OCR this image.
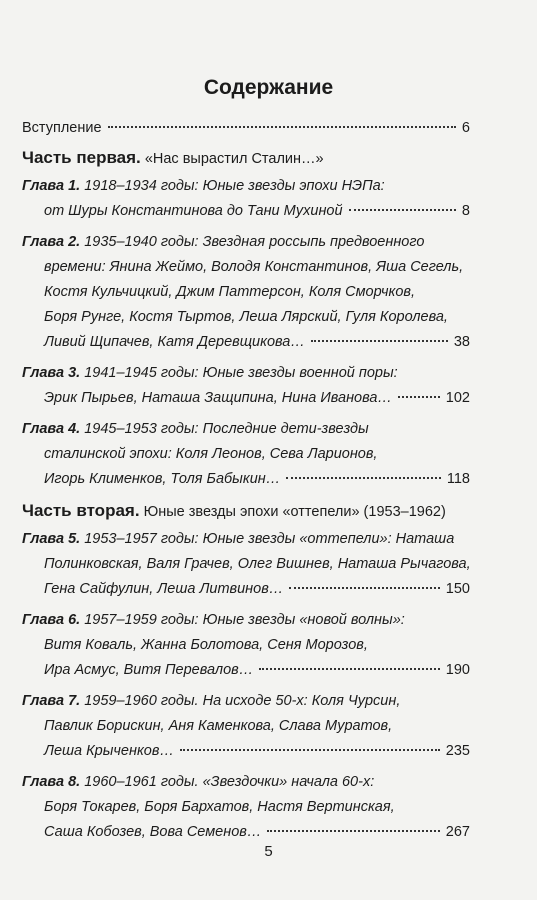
Содержание
Вступление	6
Часть первая. «Нас вырастил Сталин…»
Глава 1.
1918–1934 годы: Юные звезды эпохи НЭПа:
от Шуры Константинова до Тани Мухиной	8
Глава 2.
1935–1940 годы: Звездная россыпь предвоенного
времени: Янина Жеймо, Володя Константинов, Яша Сегель,
Костя Кульчицкий, Джим Паттерсон, Коля Сморчков,
Боря Рунге, Костя Тыртов, Леша Лярский, Гуля Королева,
Ливий Щипачев, Катя Деревщикова…	38
Глава 3.
1941–1945 годы: Юные звезды военной поры:
Эрик Пырьев, Наташа Защипина, Нина Иванова…	102
Глава 4.
1945–1953 годы: Последние дети-звезды
сталинской эпохи: Коля Леонов, Сева Ларионов,
Игорь Клименков, Толя Бабыкин…	118
Часть вторая. Юные звезды эпохи «оттепели» (1953–1962)
Глава 5.
1953–1957 годы: Юные звезды «оттепели»: Наташа
Полинковская, Валя Грачев, Олег Вишнев, Наташа Рычагова,
Гена Сайфулин, Леша Литвинов…	150
Глава 6.
1957–1959 годы: Юные звезды «новой волны»:
Витя Коваль, Жанна Болотова, Сеня Морозов,
Ира Асмус, Витя Перевалов…	190
Глава 7.
1959–1960 годы. На исходе 50-х: Коля Чурсин,
Павлик Борискин, Аня Каменкова, Слава Муратов,
Леша Крыченков…	235
Глава 8.
1960–1961 годы. «Звездочки» начала 60-х:
Боря Токарев, Боря Бархатов, Настя Вертинская,
Саша Кобозев, Вова Семенов…	267
5
